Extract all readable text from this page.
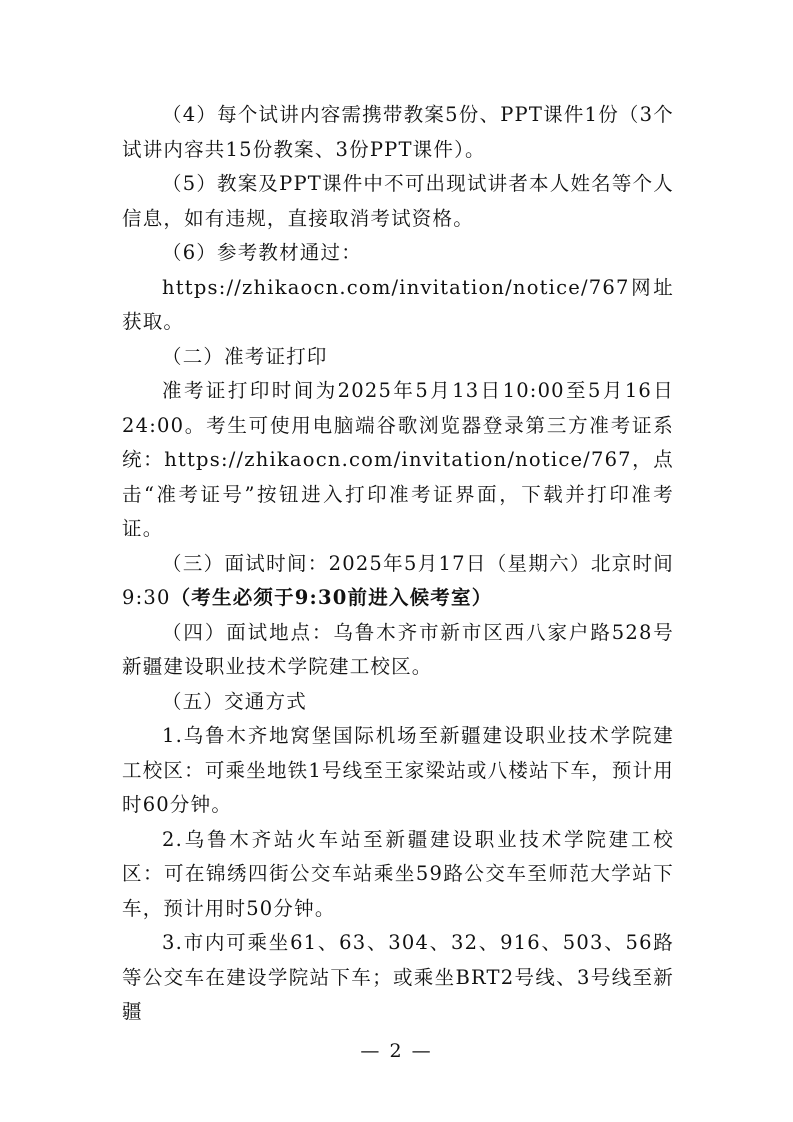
（4）每个试讲内容需携带教案5份、PPT课件1份（3个试讲内容共15份教案、3份PPT课件）。

（5）教案及PPT课件中不可出现试讲者本人姓名等个人信息，如有违规，直接取消考试资格。

（6）参考教材通过：

https://zhikaocn.com/invitation/notice/767网址获取。

（二）准考证打印

准考证打印时间为2025年5月13日10:00至5月16日24:00。考生可使用电脑端谷歌浏览器登录第三方准考证系统：https://zhikaocn.com/invitation/notice/767，点击“准考证号”按钮进入打印准考证界面，下载并打印准考证。

（三）面试时间：2025年5月17日（星期六）北京时间9:30（考生必须于9:30前进入候考室）

（四）面试地点：乌鲁木齐市新市区西八家户路528号新疆建设职业技术学院建工校区。

（五）交通方式

1.乌鲁木齐地窝堡国际机场至新疆建设职业技术学院建工校区：可乘坐地铁1号线至王家梁站或八楼站下车，预计用时60分钟。

2.乌鲁木齐站火车站至新疆建设职业技术学院建工校区：可在锦绣四街公交车站乘坐59路公交车至师范大学站下车，预计用时50分钟。

3.市内可乘坐61、63、304、32、916、503、56路等公交车在建设学院站下车；或乘坐BRT2号线、3号线至新疆

— 2 —
